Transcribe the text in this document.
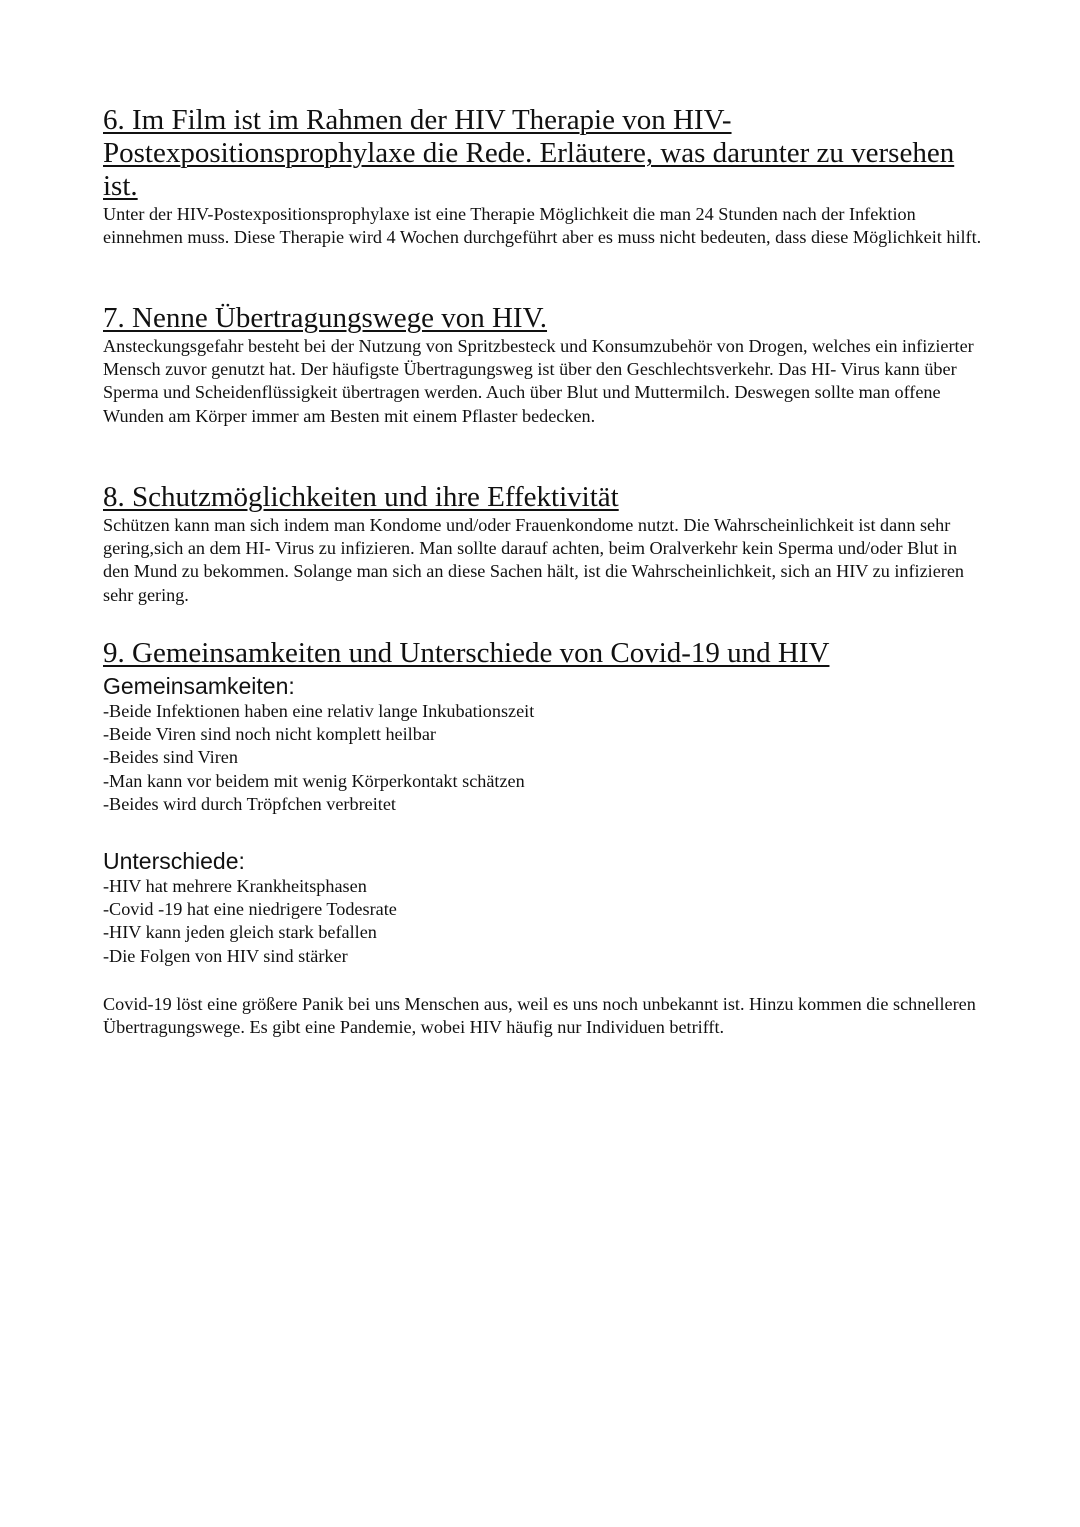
6. Im Film ist im Rahmen der HIV Therapie von HIV-Postexpositionsprophylaxe die Rede. Erläutere, was darunter zu versehen ist.

Unter der HIV-Postexpositionsprophylaxe ist eine Therapie Möglichkeit die man 24 Stunden nach der Infektion einnehmen muss. Diese Therapie wird 4 Wochen durchgeführt aber es muss nicht bedeuten, dass diese Möglichkeit hilft.

7. Nenne Übertragungswege von HIV.

Ansteckungsgefahr besteht bei der Nutzung von Spritzbesteck und Konsumzubehör von Drogen, welches ein infizierter Mensch zuvor genutzt hat. Der häufigste Übertragungsweg ist über den Geschlechtsverkehr. Das HI- Virus kann über Sperma und Scheidenflüssigkeit übertragen werden. Auch über Blut und Muttermilch. Deswegen sollte man offene Wunden am Körper immer am Besten mit einem Pflaster bedecken.

8. Schutzmöglichkeiten und ihre Effektivität

Schützen kann man sich indem man Kondome und/oder Frauenkondome nutzt. Die Wahrscheinlichkeit ist dann sehr gering,sich an dem HI- Virus zu infizieren. Man sollte darauf achten, beim Oralverkehr kein Sperma und/oder Blut in den Mund zu bekommen. Solange man sich an diese Sachen hält, ist die Wahrscheinlichkeit, sich an HIV zu infizieren sehr gering.

9. Gemeinsamkeiten und Unterschiede von Covid-19 und HIV
Gemeinsamkeiten:
-Beide Infektionen haben eine relativ lange Inkubationszeit
-Beide Viren sind noch nicht komplett heilbar
-Beides sind Viren
-Man kann vor beidem mit wenig Körperkontakt schätzen
-Beides wird durch Tröpfchen verbreitet
Unterschiede:
-HIV hat mehrere Krankheitsphasen
-Covid -19 hat eine niedrigere Todesrate
-HIV kann jeden gleich stark befallen
-Die Folgen von HIV sind stärker

Covid-19 löst eine größere Panik bei uns Menschen aus, weil es uns noch unbekannt ist. Hinzu kommen die schnelleren Übertragungswege. Es gibt eine Pandemie, wobei HIV häufig nur Individuen betrifft.
